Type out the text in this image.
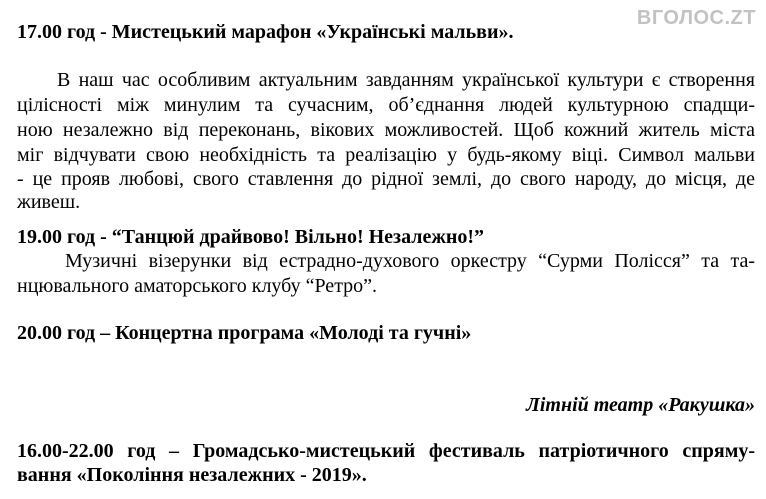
ВГОЛОС.ZT
17.00 год - Мистецький марафон «Українські мальви».
В наш час особливим актуальним завданням української культури є створення
цілісності між минулим та сучасним, об’єднання людей культурною спадщи-
ною незалежно від переконань, вікових можливостей. Щоб кожний житель міста
міг відчувати свою необхідність та реалізацію у будь-якому віці. Символ мальви
- це прояв любові, свого ставлення до рідної землі, до свого народу, до місця, де
живеш.
19.00 год - “Танцюй драйвово! Вільно! Незалежно!”
Музичні візерунки від естрадно-духового оркестру “Сурми Полісся” та та-
нцювального аматорського клубу “Ретро”.
20.00 год – Концертна програма «Молоді та гучні»
Літній театр «Ракушка»
16.00-22.00 год – Громадсько-мистецький фестиваль патріотичного спряму-
вання «Покоління незалежних - 2019».
